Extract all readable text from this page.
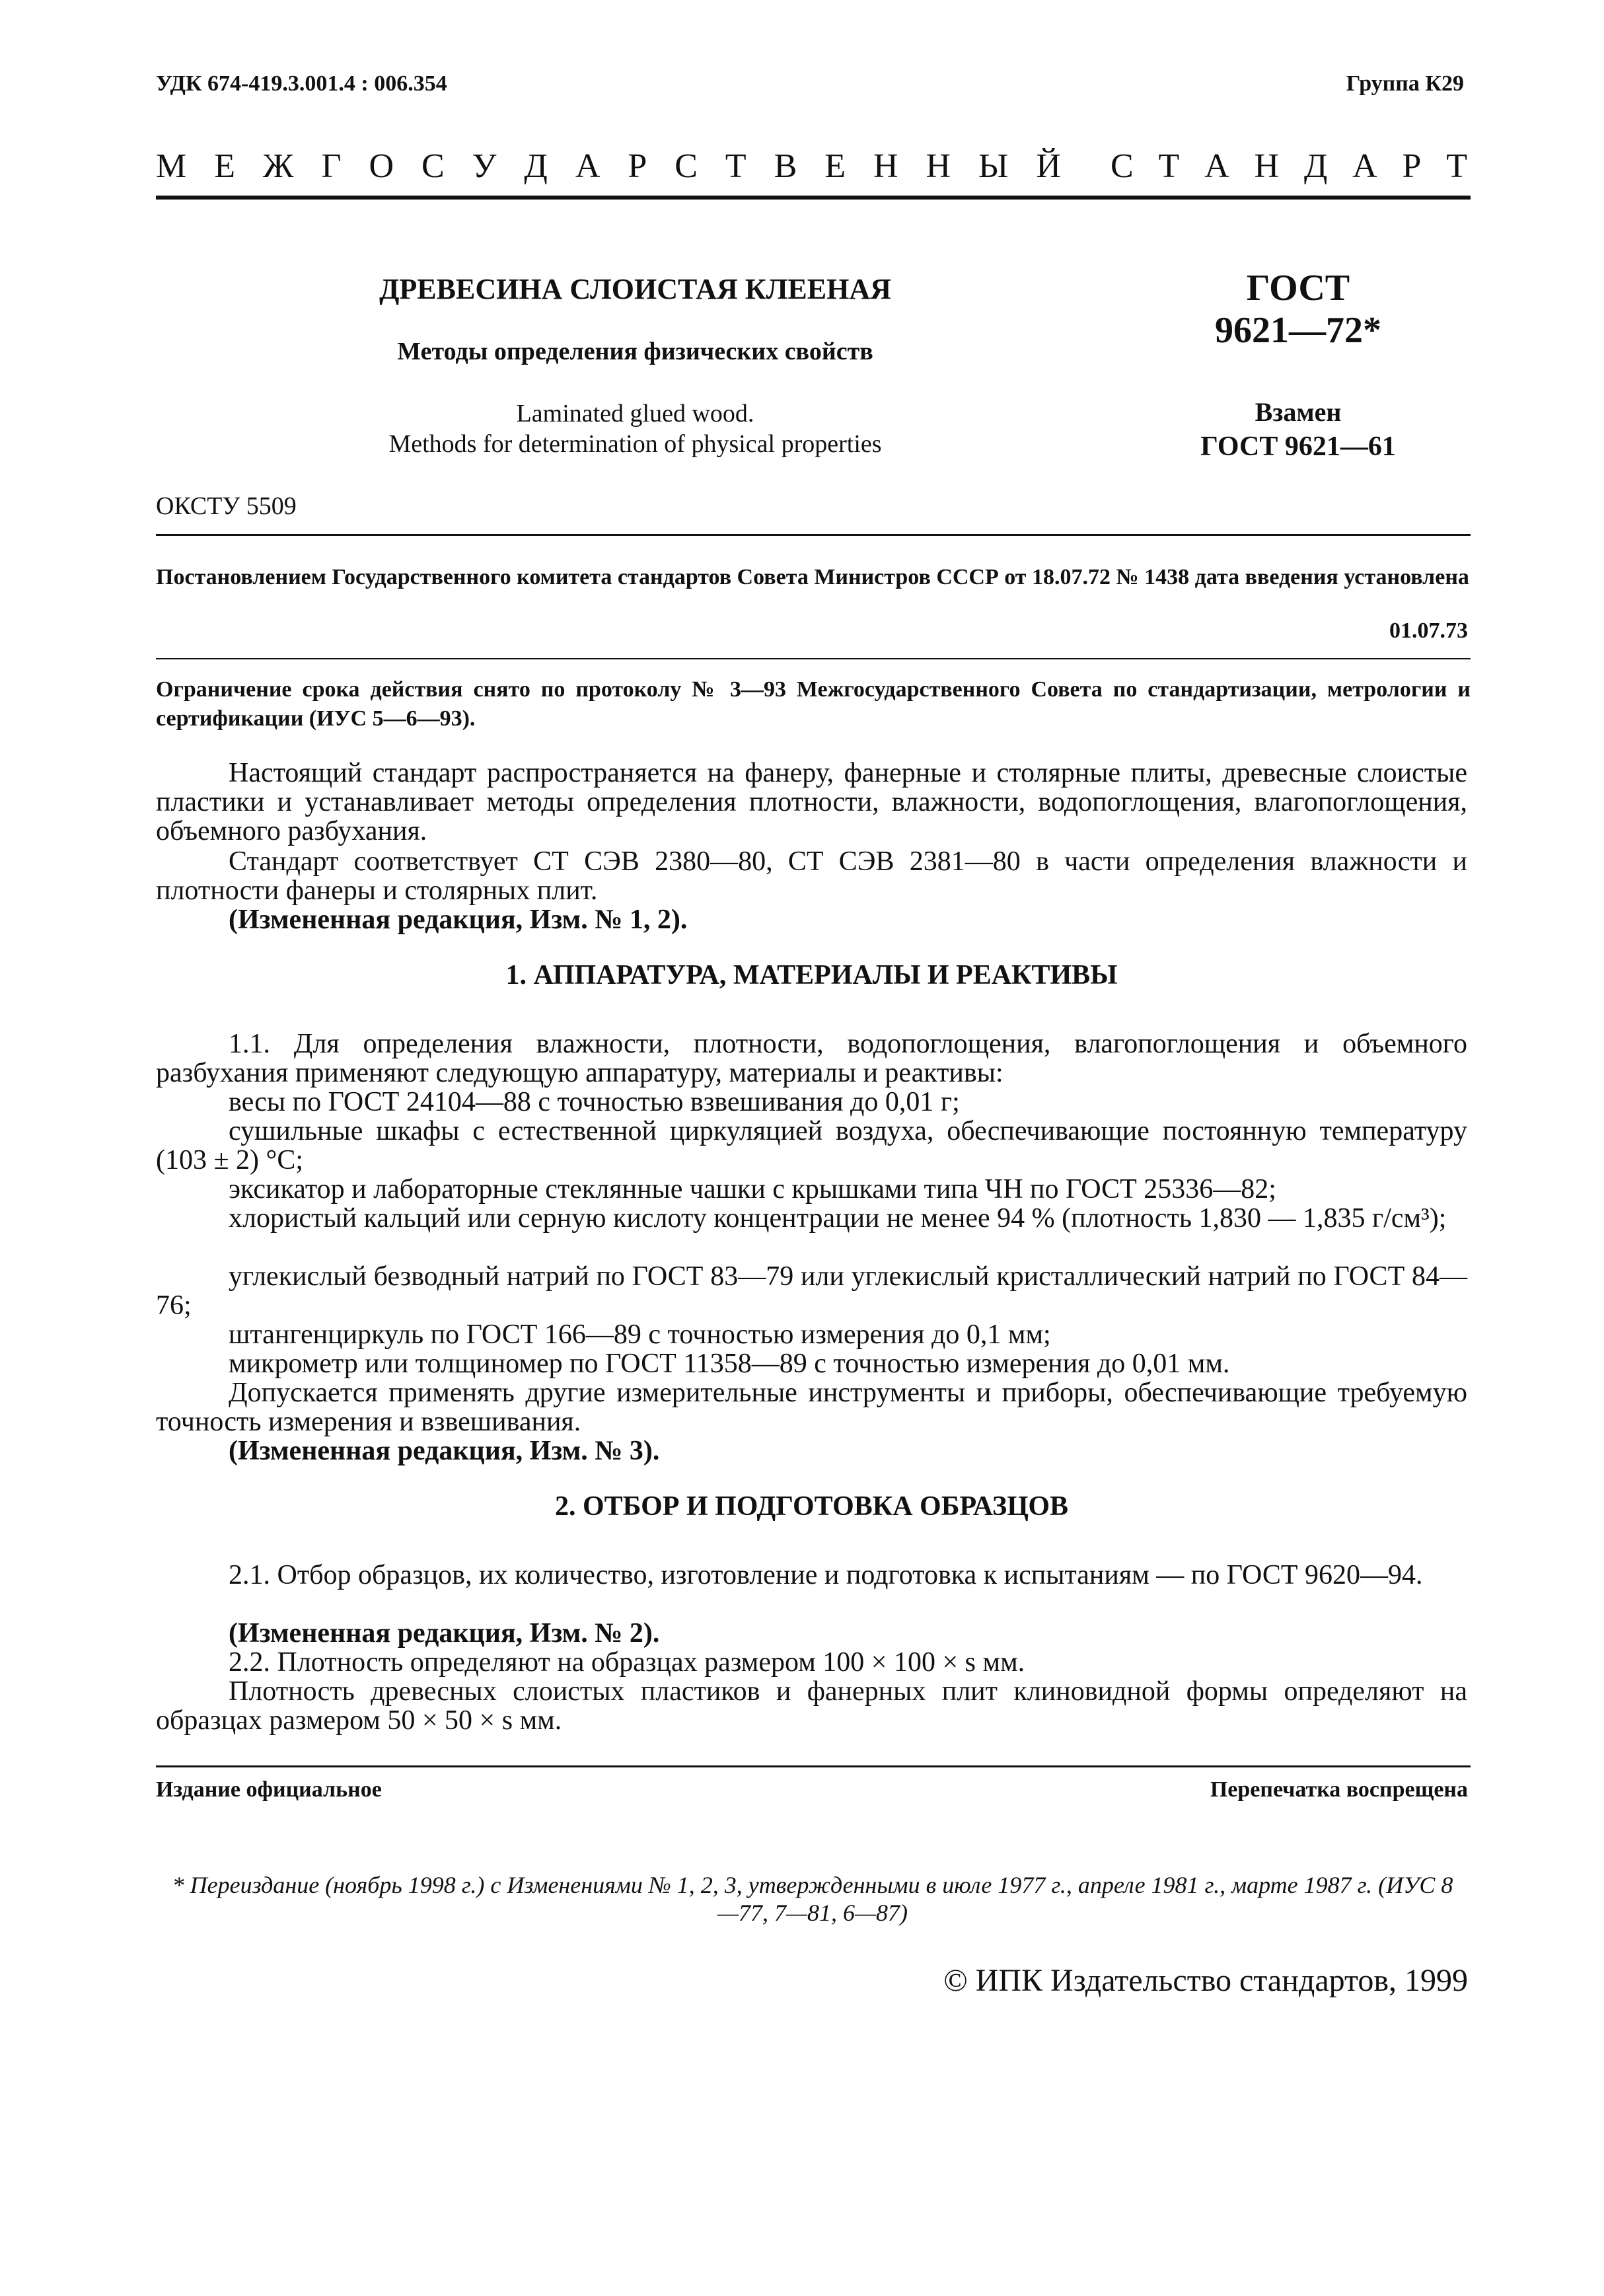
УДК 674-419.3.001.4 : 006.354	Группа К29
М Е Ж Г О С У Д А Р С Т В Е Н Н Ы Й С Т А Н Д А Р Т
ДРЕВЕСИНА СЛОИСТАЯ КЛЕЕНАЯ
Методы определения физических свойств
Laminated glued wood.
Methods for determination of physical properties
ГОСТ
9621—72*
Взамен
ГОСТ 9621—61
ОКСТУ 5509
Постановлением Государственного комитета стандартов Совета Министров СССР от 18.07.72 № 1438 дата введения установлена
01.07.73
Ограничение срока действия снято по протоколу № 3—93 Межгосударственного Совета по стандартизации, метрологии и сертификации (ИУС 5—6—93).
Настоящий стандарт распространяется на фанеру, фанерные и столярные плиты, древесные слоистые пластики и устанавливает методы определения плотности, влажности, водопоглощения, влагопоглощения, объемного разбухания.
Стандарт соответствует СТ СЭВ 2380—80, СТ СЭВ 2381—80 в части определения влажности и плотности фанеры и столярных плит.
(Измененная редакция, Изм. № 1, 2).
1. АППАРАТУРА, МАТЕРИАЛЫ И РЕАКТИВЫ
1.1. Для определения влажности, плотности, водопоглощения, влагопоглощения и объемного разбухания применяют следующую аппаратуру, материалы и реактивы:
весы по ГОСТ 24104—88 с точностью взвешивания до 0,01 г;
сушильные шкафы с естественной циркуляцией воздуха, обеспечивающие постоянную температуру (103 ± 2) °С;
эксикатор и лабораторные стеклянные чашки с крышками типа ЧН по ГОСТ 25336—82;
хлористый кальций или серную кислоту концентрации не менее 94 % (плотность 1,830 — 1,835 г/см³);
углекислый безводный натрий по ГОСТ 83—79 или углекислый кристаллический натрий по ГОСТ 84—76;
штангенциркуль по ГОСТ 166—89 с точностью измерения до 0,1 мм;
микрометр или толщиномер по ГОСТ 11358—89 с точностью измерения до 0,01 мм.
Допускается применять другие измерительные инструменты и приборы, обеспечивающие требуемую точность измерения и взвешивания.
(Измененная редакция, Изм. № 3).
2. ОТБОР И ПОДГОТОВКА ОБРАЗЦОВ
2.1. Отбор образцов, их количество, изготовление и подготовка к испытаниям — по ГОСТ 9620—94.
(Измененная редакция, Изм. № 2).
2.2. Плотность определяют на образцах размером 100 × 100 × s мм.
Плотность древесных слоистых пластиков и фанерных плит клиновидной формы определяют на образцах размером 50 × 50 × s мм.
Издание официальное	Перепечатка воспрещена
* Переиздание (ноябрь 1998 г.) с Изменениями № 1, 2, 3, утвержденными в июле 1977 г., апреле 1981 г., марте 1987 г. (ИУС 8—77, 7—81, 6—87)
© ИПК Издательство стандартов, 1999
